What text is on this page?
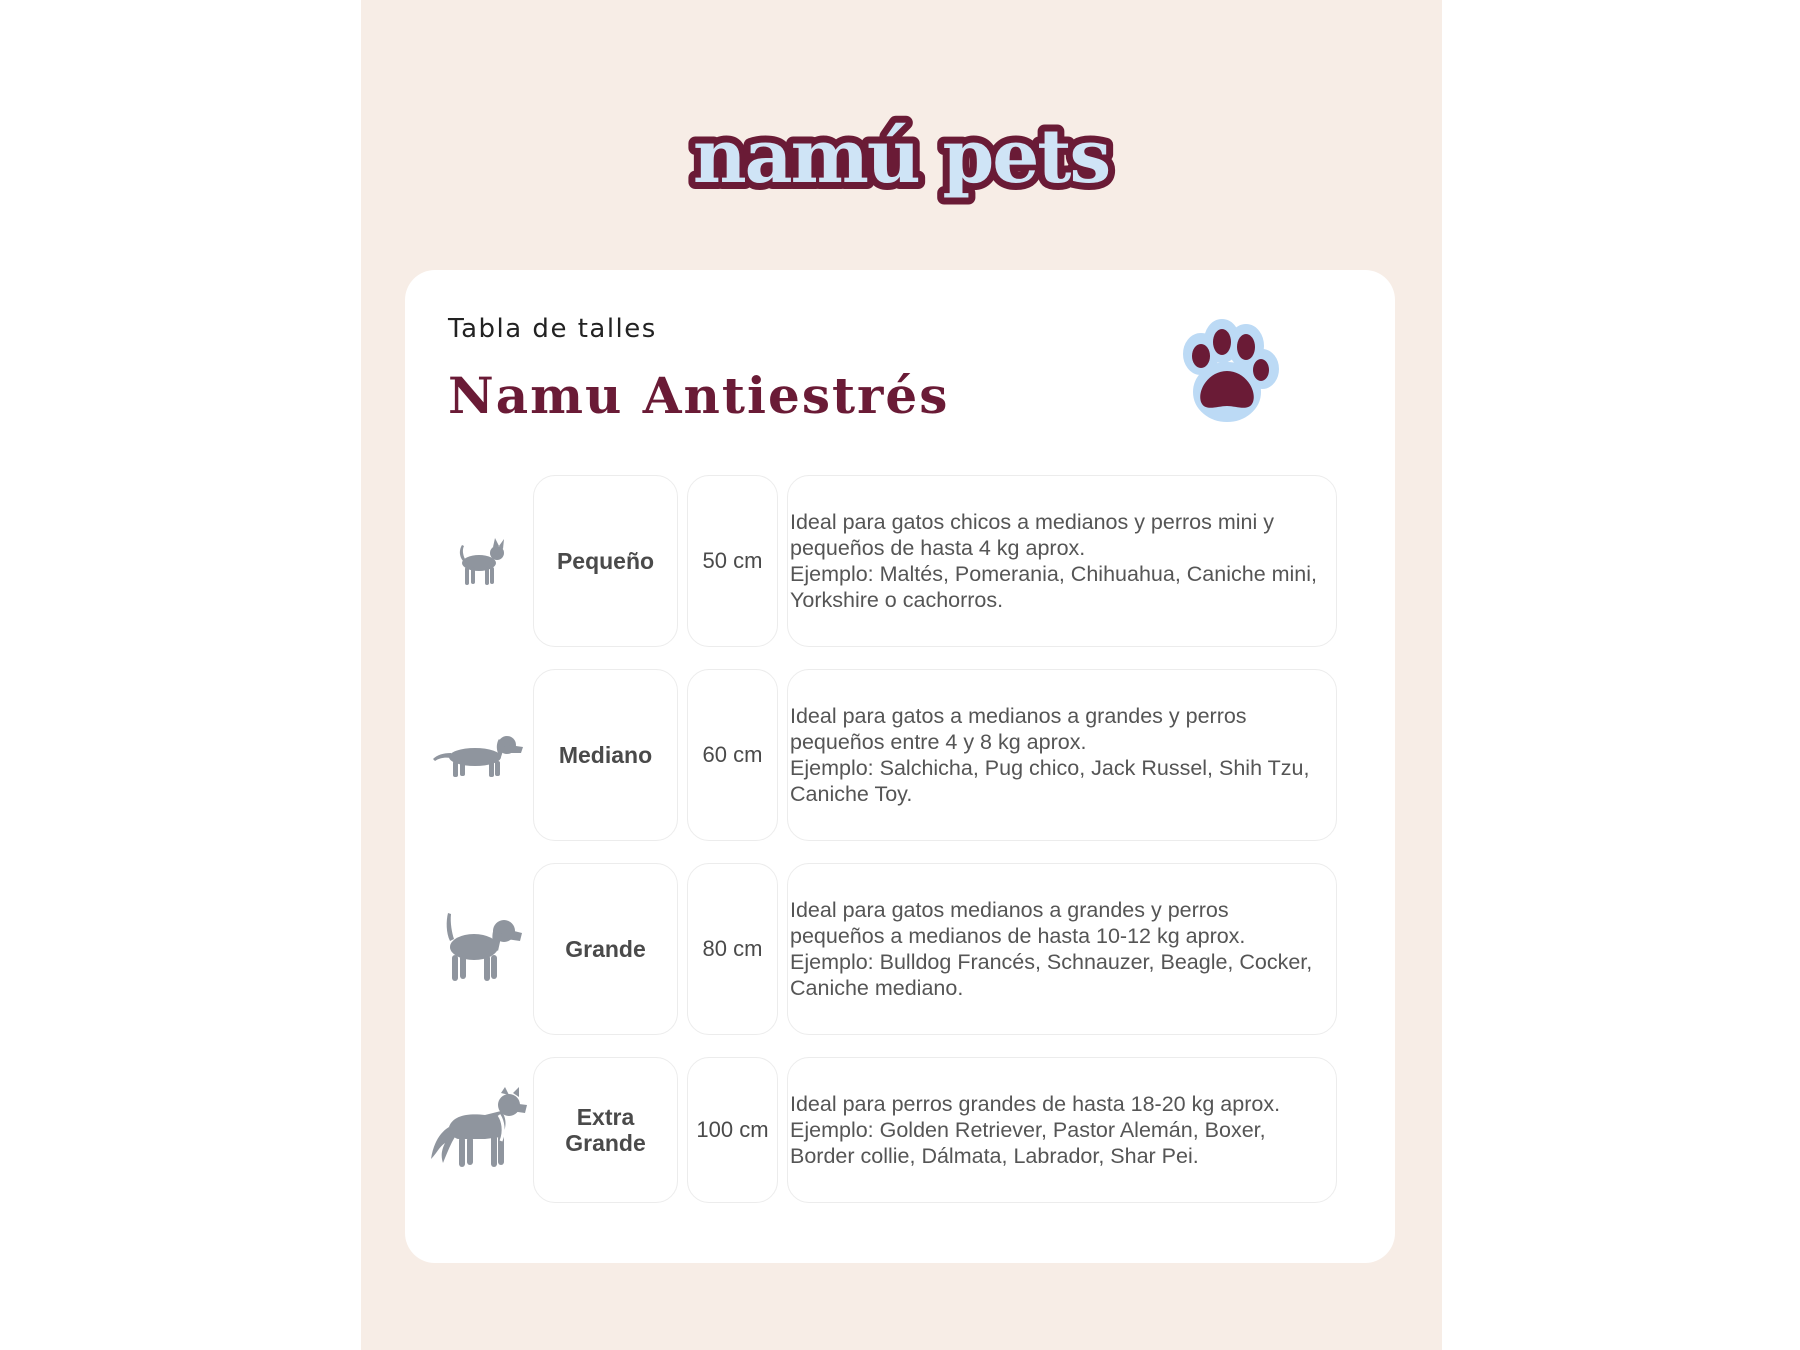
namú pets
Tabla de talles
Namu Antiestrés
Pequeño	50 cm
Ideal para gatos chicos a medianos y perros mini y pequeños de hasta 4 kg aprox.
Ejemplo: Maltés, Pomerania, Chihuahua, Caniche mini, Yorkshire o cachorros.
Mediano	60 cm
Ideal para gatos a medianos a grandes y perros pequeños entre 4 y 8 kg aprox.
Ejemplo: Salchicha, Pug chico, Jack Russel, Shih Tzu, Caniche Toy.
Grande	80 cm
Ideal para gatos medianos a grandes y perros pequeños a medianos de hasta 10-12 kg aprox.
Ejemplo: Bulldog Francés, Schnauzer, Beagle, Cocker, Caniche mediano.
Extra Grande
100 cm
Ideal para perros grandes de hasta 18-20 kg aprox.
Ejemplo: Golden Retriever, Pastor Alemán, Boxer, Border collie, Dálmata, Labrador, Shar Pei.
